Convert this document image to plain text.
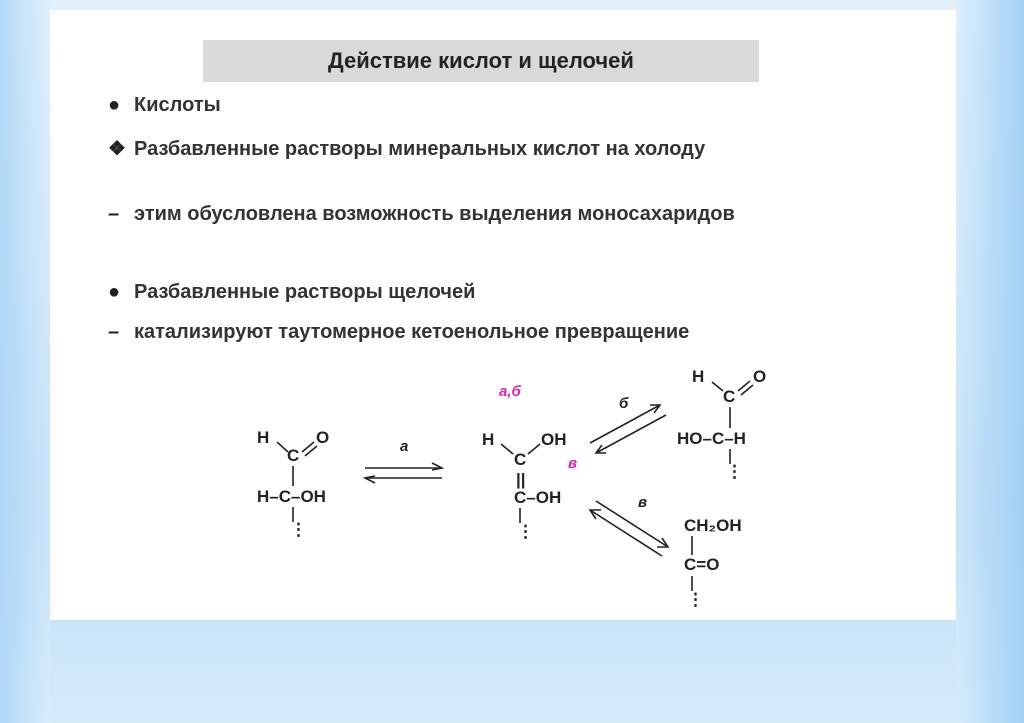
Действие кислот и щелочей
● Кислоты
❖ Разбавленные растворы минеральных кислот на холоду
– этим обусловлена возможность выделения моносахаридов
● Разбавленные растворы щелочей
– катализируют таутомерное кетоенольное превращение
H	O
C
H–C–OH
⋮
H	OH
C
||
C–OH
⋮
H	O
C
HO–C–H
⋮
CH₂OH
C=O
⋮
а
а,б
б
в
в
